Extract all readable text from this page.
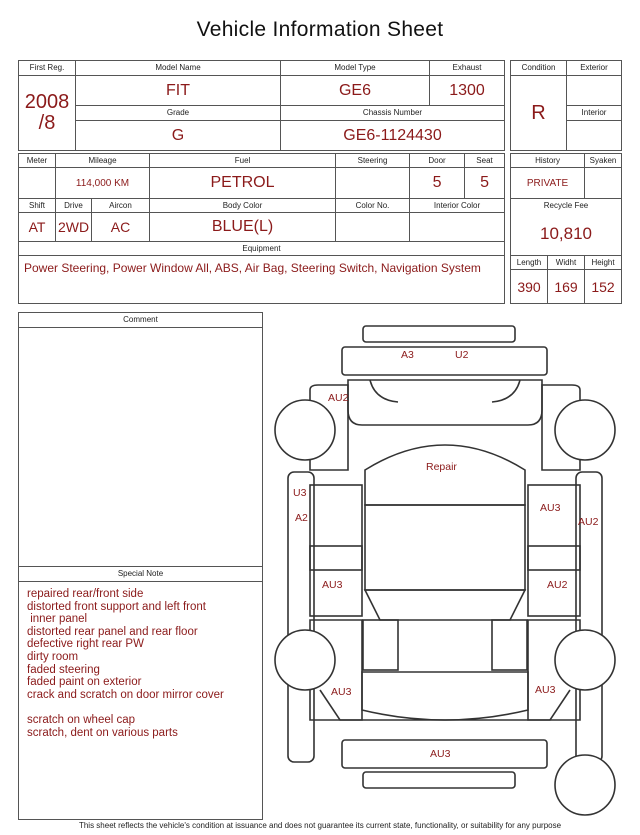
Vehicle Information Sheet
First Reg.	Model Name	Model Type	Exhaust

2008
/8	FIT	GE6	1300
	Grade	Chassis Number	
	G	GE6-1124430	
Condition	Exterior
R	
	Interior

Meter	Mileage		Fuel	Steering	Door	Seat
	114,000 KM		PETROL		5	5
Shift	Drive	Aircon	Body Color	Color No.	Interior Color	
AT	2WD	AC	BLUE(L)			
Equipment						
Power Steering, Power Window All, ABS, Air Bag, Steering Switch, Navigation System						
History		Syaken
PRIVATE		
Recycle Fee		
10,810		
Length	Widht	Height
390	169	152
Comment
Special Note
repaired rear/front side
distorted front support and left front
inner panel
distorted rear panel and rear floor
defective right rear PW
dirty room
faded steering
faded paint on exterior
crack and scratch on door mirror cover
scratch on wheel cap
scratch, dent on various parts
A3	U2
AU2
Repair
U3
A2
AU3
AU2
AU3	AU2
AU3	AU3
AU3
This sheet reflects the vehicle's condition at issuance and does not guarantee its current state, functionality, or suitability for any purpose
